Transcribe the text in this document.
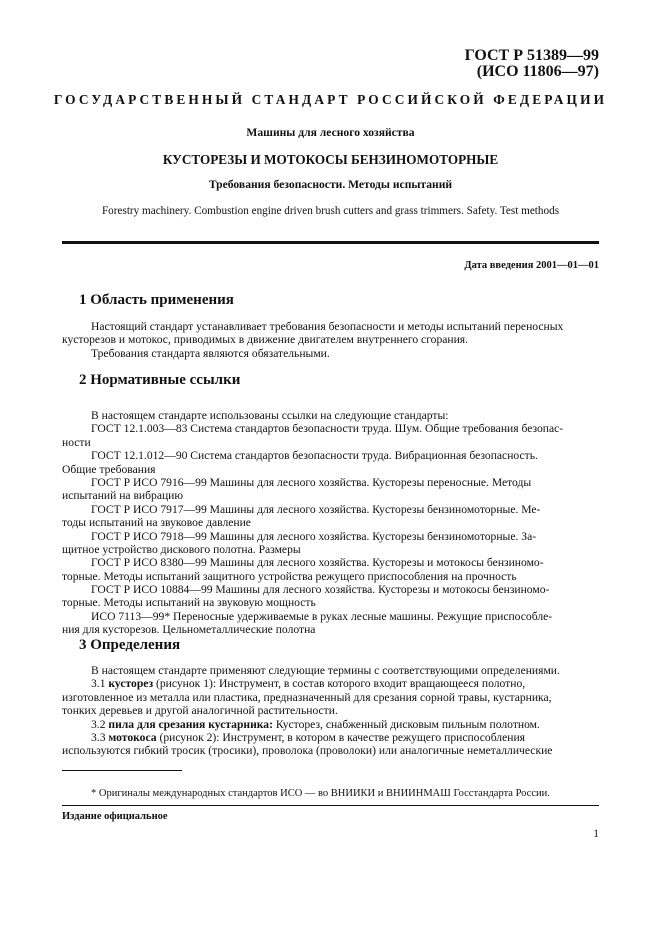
ГОСТ Р 51389—99
(ИСО 11806—97)
ГОСУДАРСТВЕННЫЙ СТАНДАРТ РОССИЙСКОЙ ФЕДЕРАЦИИ
Машины для лесного хозяйства
КУСТОРЕЗЫ И МОТОКОСЫ БЕНЗИНОМОТОРНЫЕ
Требования безопасности. Методы испытаний
Forestry machinery. Combustion engine driven brush cutters and grass trimmers. Safety. Test methods
Дата введения 2001—01—01
1 Область применения
Настоящий стандарт устанавливает требования безопасности и методы испытаний переносных
кусторезов и мотокос, приводимых в движение двигателем внутреннего сгорания.
Требования стандарта являются обязательными.
2 Нормативные ссылки
В настоящем стандарте использованы ссылки на следующие стандарты:
ГОСТ 12.1.003—83 Система стандартов безопасности труда. Шум. Общие требования безопас-
ности
ГОСТ 12.1.012—90 Система стандартов безопасности труда. Вибрационная безопасность.
Общие требования
ГОСТ Р ИСО 7916—99 Машины для лесного хозяйства. Кусторезы переносные. Методы
испытаний на вибрацию
ГОСТ Р ИСО 7917—99 Машины для лесного хозяйства. Кусторезы бензиномоторные. Ме-
тоды испытаний на звуковое давление
ГОСТ Р ИСО 7918—99 Машины для лесного хозяйства. Кусторезы бензиномоторные. За-
щитное устройство дискового полотна. Размеры
ГОСТ Р ИСО 8380—99 Машины для лесного хозяйства. Кусторезы и мотокосы бензиномо-
торные. Методы испытаний защитного устройства режущего приспособления на прочность
ГОСТ Р ИСО 10884—99 Машины для лесного хозяйства. Кусторезы и мотокосы бензиномо-
торные. Методы испытаний на звуковую мощность
ИСО 7113—99* Переносные удерживаемые в руках лесные машины. Режущие приспособле-
ния для кусторезов. Цельнометаллические полотна
3 Определения
В настоящем стандарте применяют следующие термины с соответствующими определениями.
3.1 кусторез (рисунок 1): Инструмент, в состав которого входит вращающееся полотно,
изготовленное из металла или пластика, предназначенный для срезания сорной травы, кустарника,
тонких деревьев и другой аналогичной растительности.
3.2 пила для срезания кустарника: Кусторез, снабженный дисковым пильным полотном.
3.3 мотокоса (рисунок 2): Инструмент, в котором в качестве режущего приспособления
используются гибкий тросик (тросики), проволока (проволоки) или аналогичные неметаллические
* Оригиналы международных стандартов ИСО — во ВНИИКИ и ВНИИНМАШ Госстандарта России.
Издание официальное
1
